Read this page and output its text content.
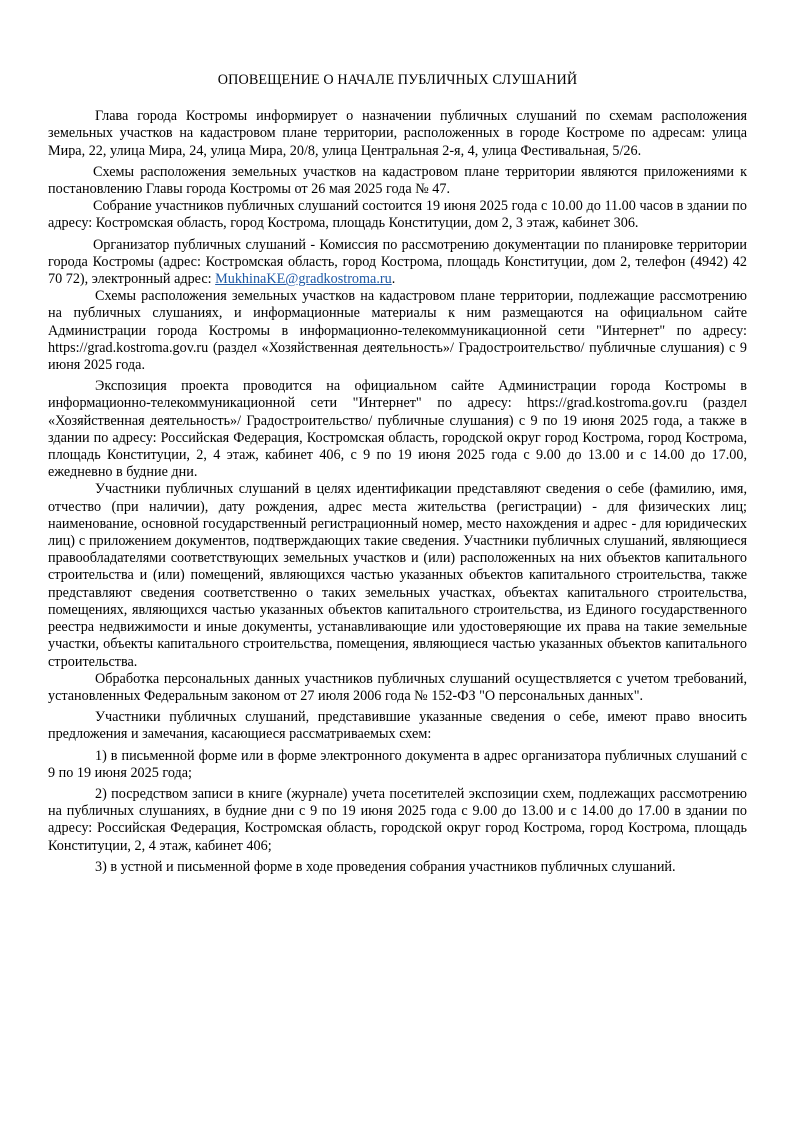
ОПОВЕЩЕНИЕ О НАЧАЛЕ ПУБЛИЧНЫХ СЛУШАНИЙ

Глава города Костромы информирует о назначении публичных слушаний по схемам расположения земельных участков на кадастровом плане территории, расположенных в городе Костроме по адресам: улица Мира, 22, улица Мира, 24, улица Мира, 20/8, улица Центральная 2-я, 4, улица Фестивальная, 5/26.

Схемы расположения земельных участков на кадастровом плане территории являются приложениями к постановлению Главы города Костромы от 26 мая 2025 года № 47.

Собрание участников публичных слушаний состоится 19 июня 2025 года с 10.00 до 11.00 часов в здании по адресу: Костромская область, город Кострома, площадь Конституции, дом 2, 3 этаж, кабинет 306.

Организатор публичных слушаний - Комиссия по рассмотрению документации по планировке территории города Костромы (адрес: Костромская область, город Кострома, площадь Конституции, дом 2, телефон (4942) 42 70 72), электронный адрес: MukhinaKE@gradkostroma.ru.

Схемы расположения земельных участков на кадастровом плане территории, подлежащие рассмотрению на публичных слушаниях, и информационные материалы к ним размещаются на официальном сайте Администрации города Костромы в информационно-телекоммуникационной сети "Интернет" по адресу: https://grad.kostroma.gov.ru (раздел «Хозяйственная деятельность»/ Градостроительство/ публичные слушания) с 9 июня 2025 года.

Экспозиция проекта проводится на официальном сайте Администрации города Костромы в информационно-телекоммуникационной сети "Интернет" по адресу: https://grad.kostroma.gov.ru (раздел «Хозяйственная деятельность»/ Градостроительство/ публичные слушания) с 9 по 19 июня 2025 года, а также в здании по адресу: Российская Федерация, Костромская область, городской округ город Кострома, город Кострома, площадь Конституции, 2, 4 этаж, кабинет 406, с 9 по 19 июня 2025 года с 9.00 до 13.00 и с 14.00 до 17.00, ежедневно в будние дни.

Участники публичных слушаний в целях идентификации представляют сведения о себе (фамилию, имя, отчество (при наличии), дату рождения, адрес места жительства (регистрации) - для физических лиц; наименование, основной государственный регистрационный номер, место нахождения и адрес - для юридических лиц) с приложением документов, подтверждающих такие сведения. Участники публичных слушаний, являющиеся правообладателями соответствующих земельных участков и (или) расположенных на них объектов капитального строительства и (или) помещений, являющихся частью указанных объектов капитального строительства, также представляют сведения соответственно о таких земельных участках, объектах капитального строительства, помещениях, являющихся частью указанных объектов капитального строительства, из Единого государственного реестра недвижимости и иные документы, устанавливающие или удостоверяющие их права на такие земельные участки, объекты капитального строительства, помещения, являющиеся частью указанных объектов капитального строительства.

Обработка персональных данных участников публичных слушаний осуществляется с учетом требований, установленных Федеральным законом от 27 июля 2006 года № 152-ФЗ "О персональных данных".

Участники публичных слушаний, представившие указанные сведения о себе, имеют право вносить предложения и замечания, касающиеся рассматриваемых схем:

1) в письменной форме или в форме электронного документа в адрес организатора публичных слушаний с 9 по 19 июня 2025 года;

2) посредством записи в книге (журнале) учета посетителей экспозиции схем, подлежащих рассмотрению на публичных слушаниях, в будние дни с 9 по 19 июня 2025 года с 9.00 до 13.00 и с 14.00 до 17.00 в здании по адресу: Российская Федерация, Костромская область, городской округ город Кострома, город Кострома, площадь Конституции, 2, 4 этаж, кабинет 406;

3) в устной и письменной форме в ходе проведения собрания участников публичных слушаний.
